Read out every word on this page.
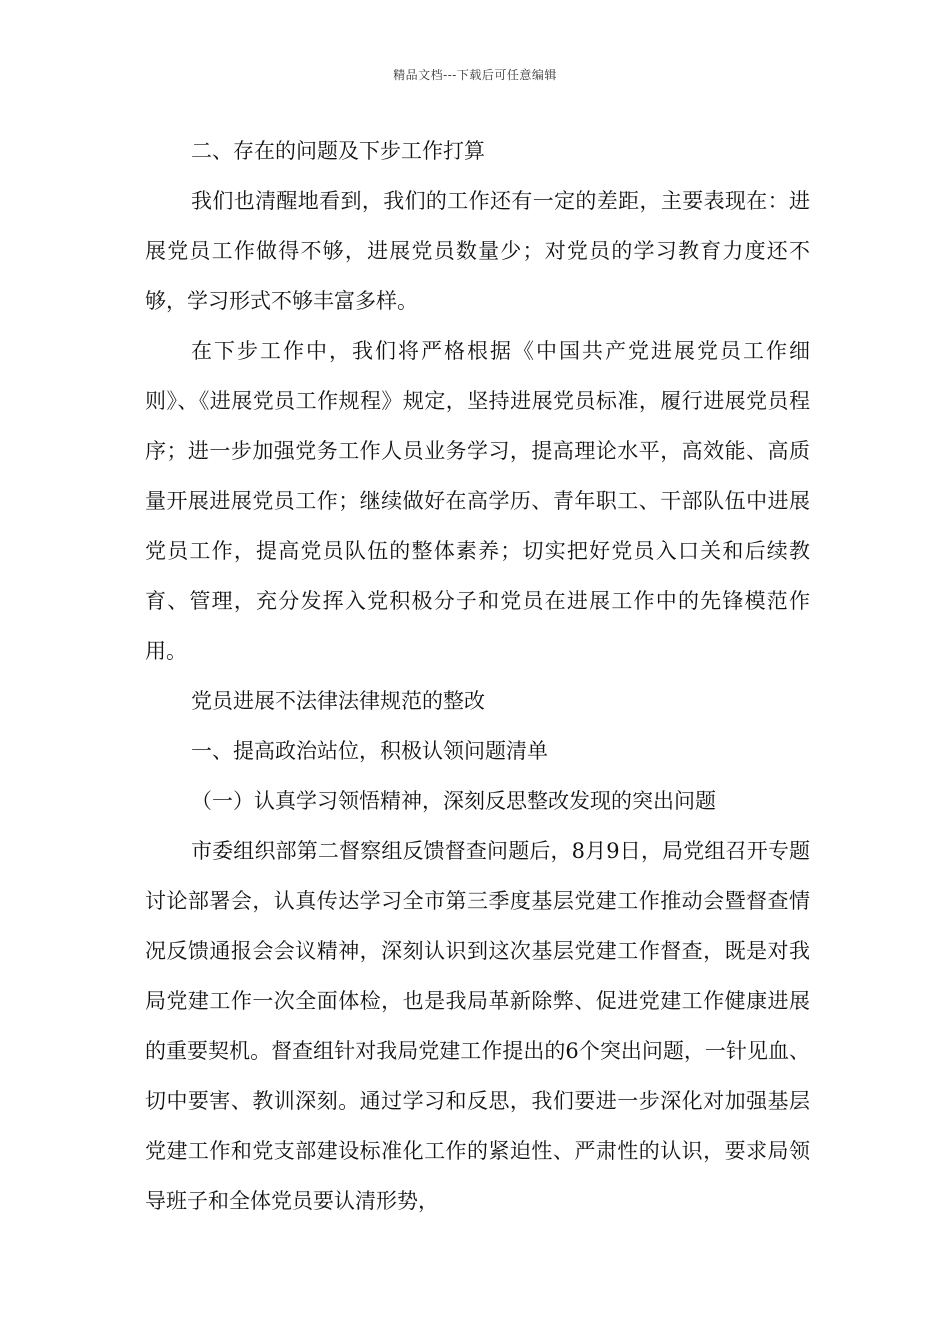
精品文档---下载后可任意编辑
二、存在的问题及下步工作打算

我们也清醒地看到，我们的工作还有一定的差距，主要表现在：进展党员工作做得不够，进展党员数量少；对党员的学习教育力度还不够，学习形式不够丰富多样。

在下步工作中，我们将严格根据《中国共产党进展党员工作细则》、《进展党员工作规程》规定，坚持进展党员标准，履行进展党员程序；进一步加强党务工作人员业务学习，提高理论水平，高效能、高质量开展进展党员工作；继续做好在高学历、青年职工、干部队伍中进展党员工作，提高党员队伍的整体素养；切实把好党员入口关和后续教育、管理，充分发挥入党积极分子和党员在进展工作中的先锋模范作用。

党员进展不法律法律规范的整改
一、提高政治站位，积极认领问题清单
（一）认真学习领悟精神，深刻反思整改发现的突出问题

市委组织部第二督察组反馈督查问题后，8月9日，局党组召开专题讨论部署会，认真传达学习全市第三季度基层党建工作推动会暨督查情况反馈通报会会议精神，深刻认识到这次基层党建工作督查，既是对我局党建工作一次全面体检，也是我局革新除弊、促进党建工作健康进展的重要契机。督查组针对我局党建工作提出的6个突出问题，一针见血、切中要害、教训深刻。通过学习和反思，我们要进一步深化对加强基层党建工作和党支部建设标准化工作的紧迫性、严肃性的认识，要求局领导班子和全体党员要认清形势，
